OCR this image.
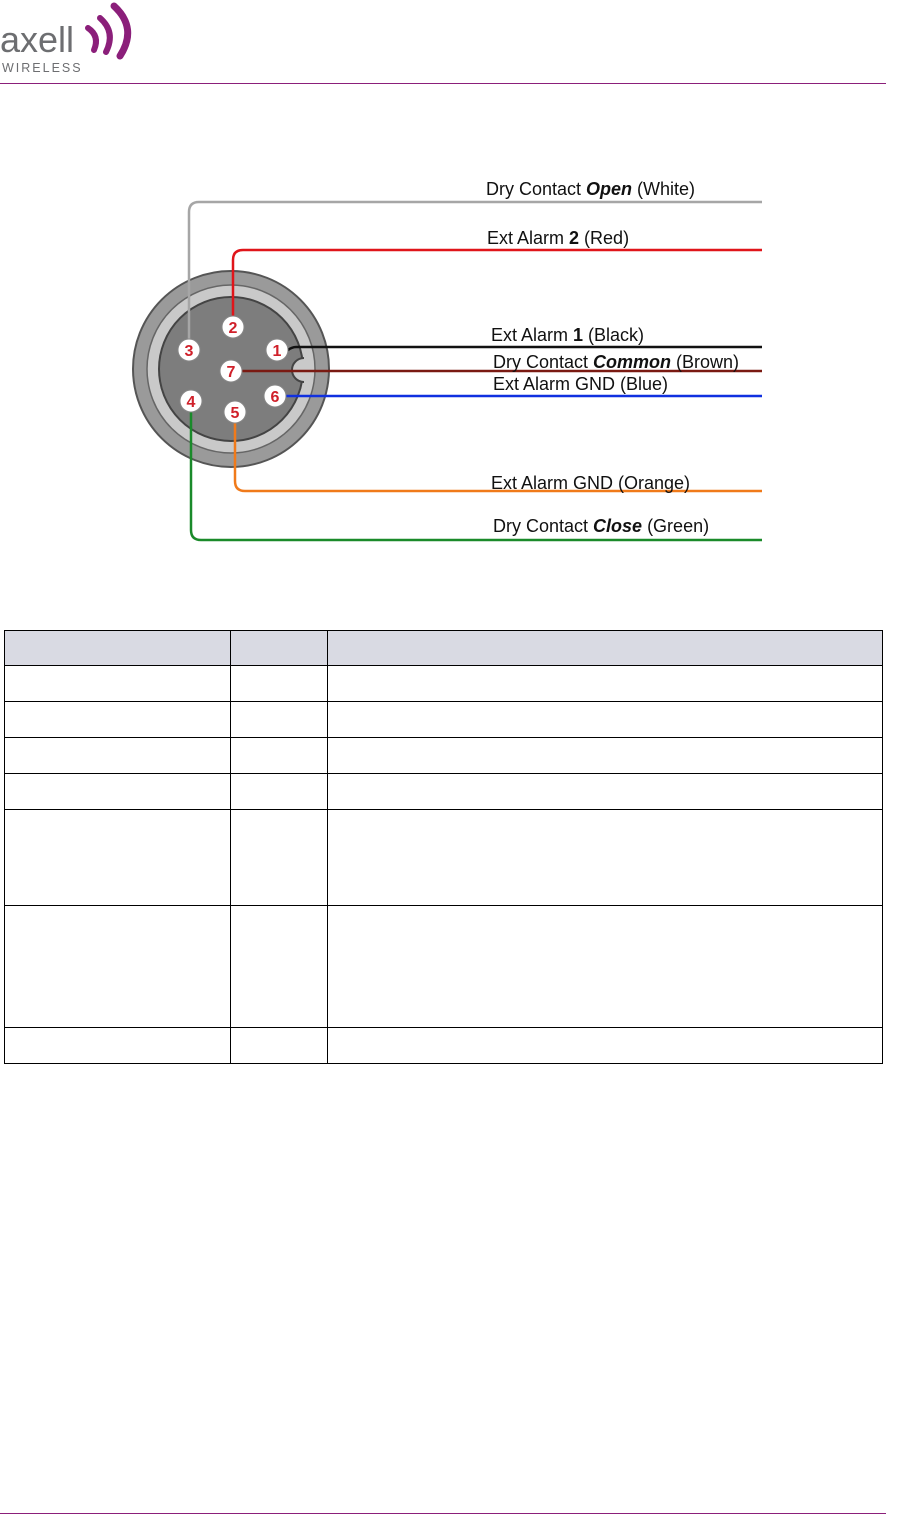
axell
WIRELESS
1
2
3
4
5
6
7
Dry Contact Open (White)
Ext Alarm 2 (Red)
Ext Alarm 1 (Black)
Dry Contact Common (Brown)
Ext Alarm GND (Blue)
Ext Alarm GND (Orange)
Dry Contact Close (Green)
